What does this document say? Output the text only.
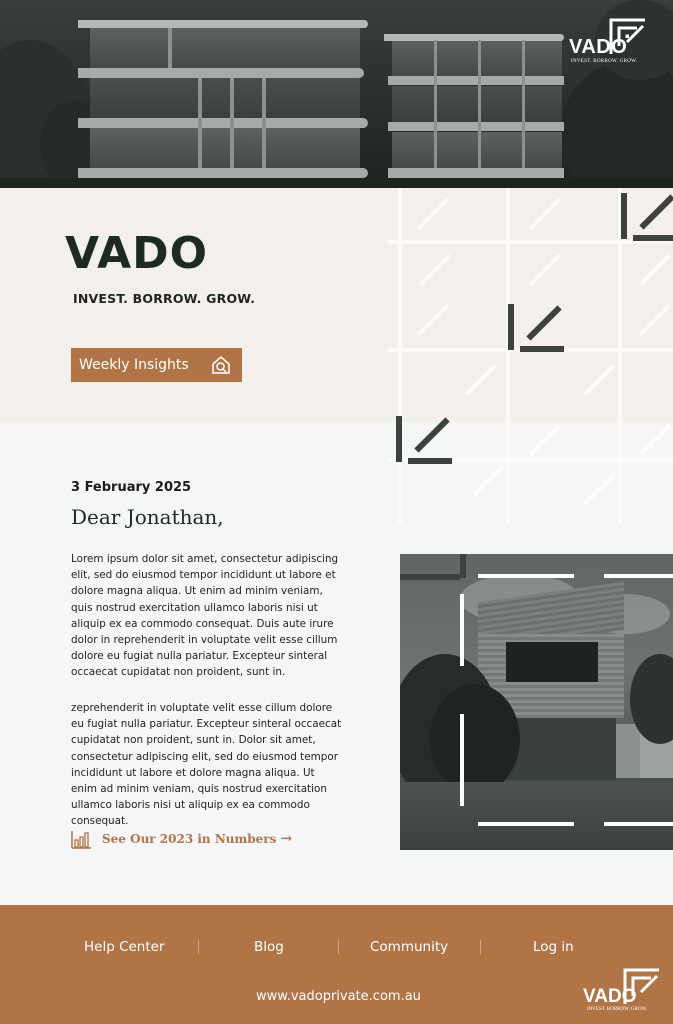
VADO
INVEST. BORROW. GROW.
VADO
INVEST. BORROW. GROW.
Weekly Insights
3 February 2025
Dear Jonathan,

Lorem ipsum dolor sit amet, consectetur adipiscing elit, sed do eiusmod tempor incididunt ut labore et dolore magna aliqua. Ut enim ad minim veniam, quis nostrud exercitation ullamco laboris nisi ut aliquip ex ea commodo consequat. Duis aute irure dolor in reprehenderit in voluptate velit esse cillum dolore eu fugiat nulla pariatur. Excepteur sinteral occaecat cupidatat non proident, sunt in.

zeprehenderit in voluptate velit esse cillum dolore eu fugiat nulla pariatur. Excepteur sinteral occaecat cupidatat non proident, sunt in. Dolor sit amet, consectetur adipiscing elit, sed do eiusmod tempor incididunt ut labore et dolore magna aliqua. Ut enim ad minim veniam, quis nostrud exercitation ullamco laboris nisi ut aliquip ex ea commodo consequat.

See Our 2023 in Numbers →
Help Center	Blog	Community	Log in
www.vadoprivate.com.au	VADO
INVEST. BORROW. GROW.
